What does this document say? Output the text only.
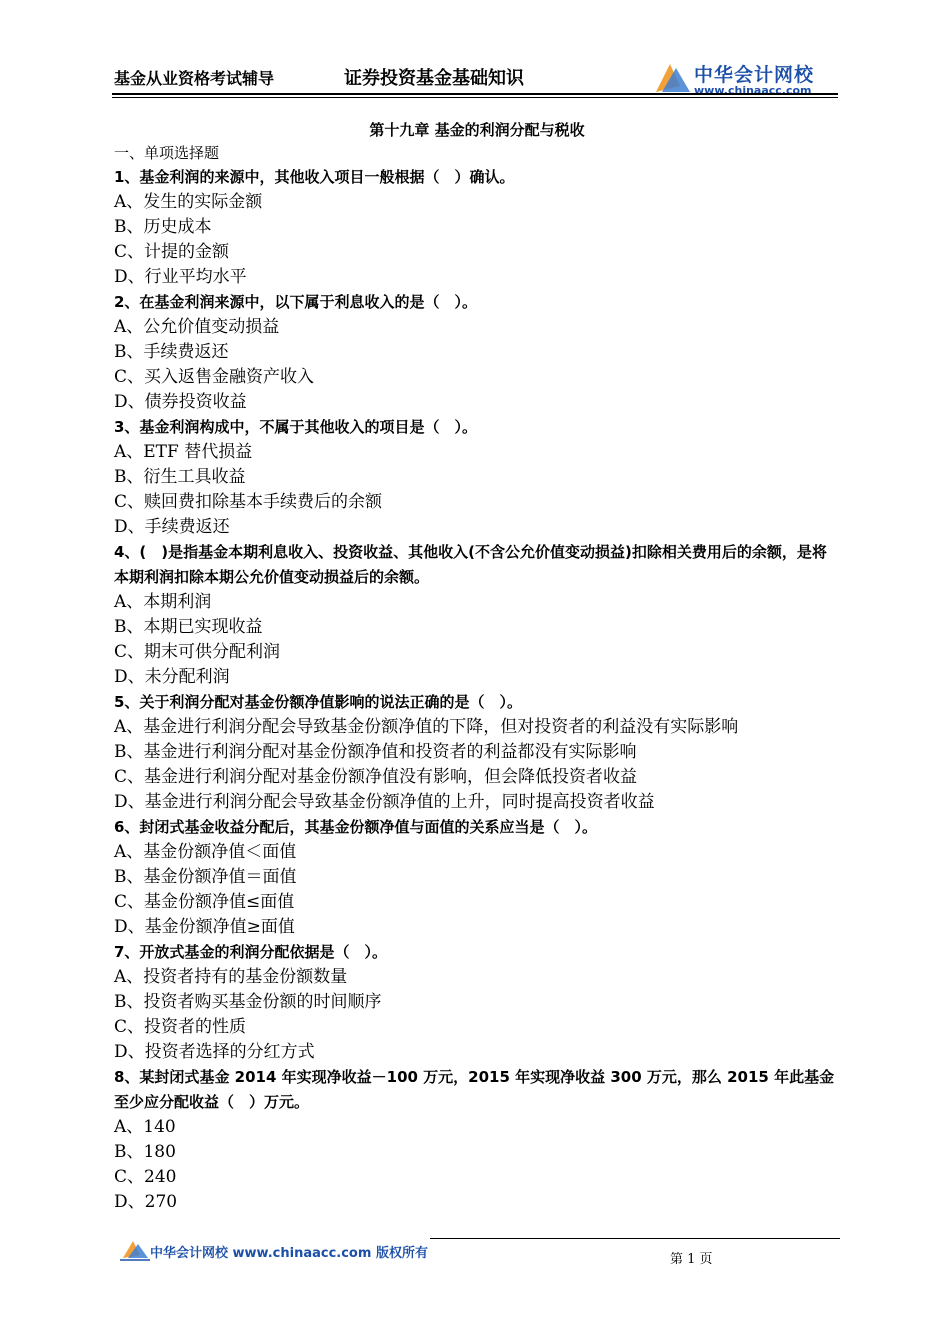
基金从业资格考试辅导	证券投资基金基础知识	中华会计网校
www.chinaacc.com
第十九章 基金的利润分配与税收
一、单项选择题
1、基金利润的来源中，其他收入项目一般根据（　）确认。
A、发生的实际金额
B、历史成本
C、计提的金额
D、行业平均水平
2、在基金利润来源中，以下属于利息收入的是（　）。
A、公允价值变动损益
B、手续费返还
C、买入返售金融资产收入
D、债券投资收益
3、基金利润构成中，不属于其他收入的项目是（　）。
A、ETF 替代损益
B、衍生工具收益
C、赎回费扣除基本手续费后的余额
D、手续费返还
4、(　)是指基金本期利息收入、投资收益、其他收入(不含公允价值变动损益)扣除相关费用后的余额，是将本期利润扣除本期公允价值变动损益后的余额。
A、本期利润
B、本期已实现收益
C、期末可供分配利润
D、未分配利润
5、关于利润分配对基金份额净值影响的说法正确的是（　）。
A、基金进行利润分配会导致基金份额净值的下降，但对投资者的利益没有实际影响
B、基金进行利润分配对基金份额净值和投资者的利益都没有实际影响
C、基金进行利润分配对基金份额净值没有影响，但会降低投资者收益
D、基金进行利润分配会导致基金份额净值的上升，同时提高投资者收益
6、封闭式基金收益分配后，其基金份额净值与面值的关系应当是（　）。
A、基金份额净值＜面值
B、基金份额净值＝面值
C、基金份额净值≤面值
D、基金份额净值≥面值
7、开放式基金的利润分配依据是（　）。
A、投资者持有的基金份额数量
B、投资者购买基金份额的时间顺序
C、投资者的性质
D、投资者选择的分红方式
8、某封闭式基金 2014 年实现净收益－100 万元，2015 年实现净收益 300 万元，那么 2015 年此基金至少应分配收益（　）万元。
A、140
B、180
C、240
D、270
中华会计网校 www.chinaacc.com 版权所有	第 1 页
